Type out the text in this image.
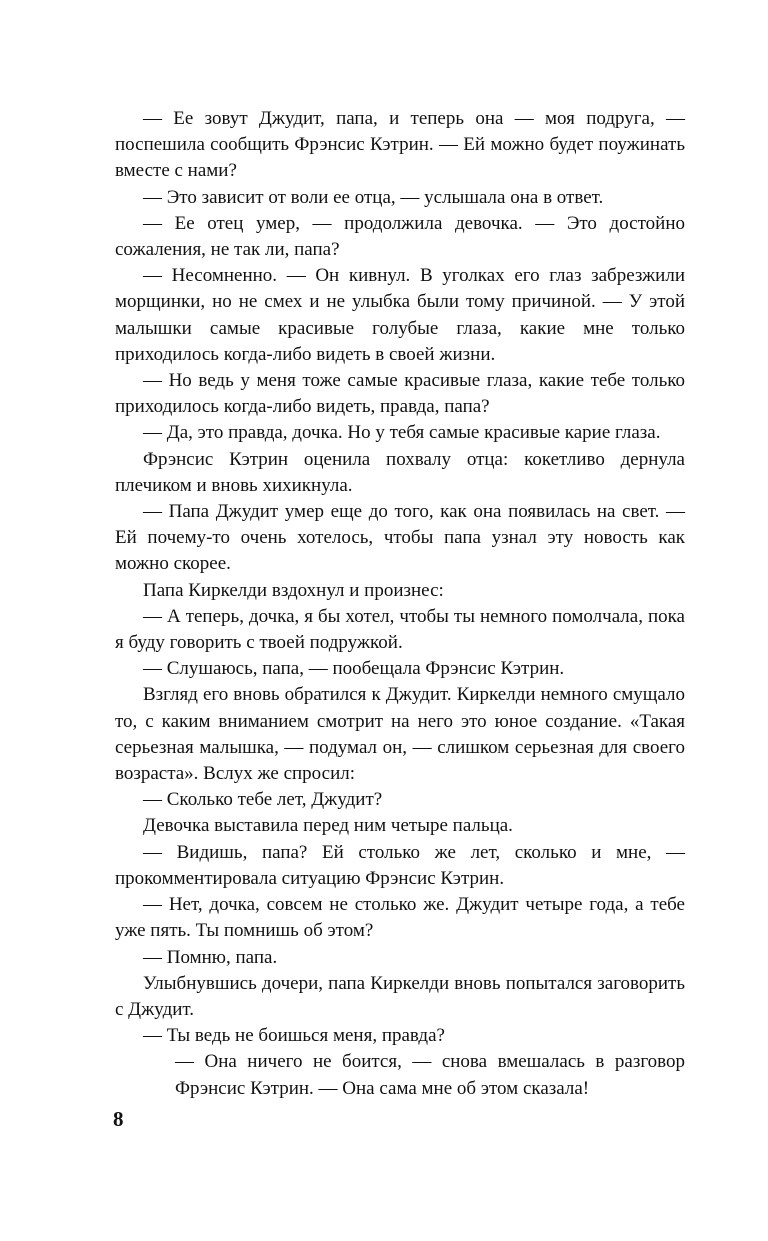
— Ее зовут Джудит, папа, и теперь она — моя подруга, — поспешила сообщить Фрэнсис Кэтрин. — Ей можно будет поужинать вместе с нами?

— Это зависит от воли ее отца, — услышала она в ответ.

— Ее отец умер, — продолжила девочка. — Это достойно сожаления, не так ли, папа?

— Несомненно. — Он кивнул. В уголках его глаз забрезжили морщинки, но не смех и не улыбка были тому причиной. — У этой малышки самые красивые голубые глаза, какие мне только приходилось когда-либо видеть в своей жизни.

— Но ведь у меня тоже самые красивые глаза, какие тебе только приходилось когда-либо видеть, правда, папа?

— Да, это правда, дочка. Но у тебя самые красивые карие глаза.

Фрэнсис Кэтрин оценила похвалу отца: кокетливо дернула плечиком и вновь хихикнула.

— Папа Джудит умер еще до того, как она появилась на свет. — Ей почему-то очень хотелось, чтобы папа узнал эту новость как можно скорее.

Папа Киркелди вздохнул и произнес:

— А теперь, дочка, я бы хотел, чтобы ты немного помолчала, пока я буду говорить с твоей подружкой.

— Слушаюсь, папа, — пообещала Фрэнсис Кэтрин.

Взгляд его вновь обратился к Джудит. Киркелди немного смущало то, с каким вниманием смотрит на него это юное создание. «Такая серьезная малышка, — подумал он, — слишком серьезная для своего возраста». Вслух же спросил:

— Сколько тебе лет, Джудит?

Девочка выставила перед ним четыре пальца.

— Видишь, папа? Ей столько же лет, сколько и мне, — прокомментировала ситуацию Фрэнсис Кэтрин.

— Нет, дочка, совсем не столько же. Джудит четыре года, а тебе уже пять. Ты помнишь об этом?

— Помню, папа.

Улыбнувшись дочери, папа Киркелди вновь попытался заговорить с Джудит.

— Ты ведь не боишься меня, правда?

— Она ничего не боится, — снова вмешалась в разговор Фрэнсис Кэтрин. — Она сама мне об этом сказала!

8
